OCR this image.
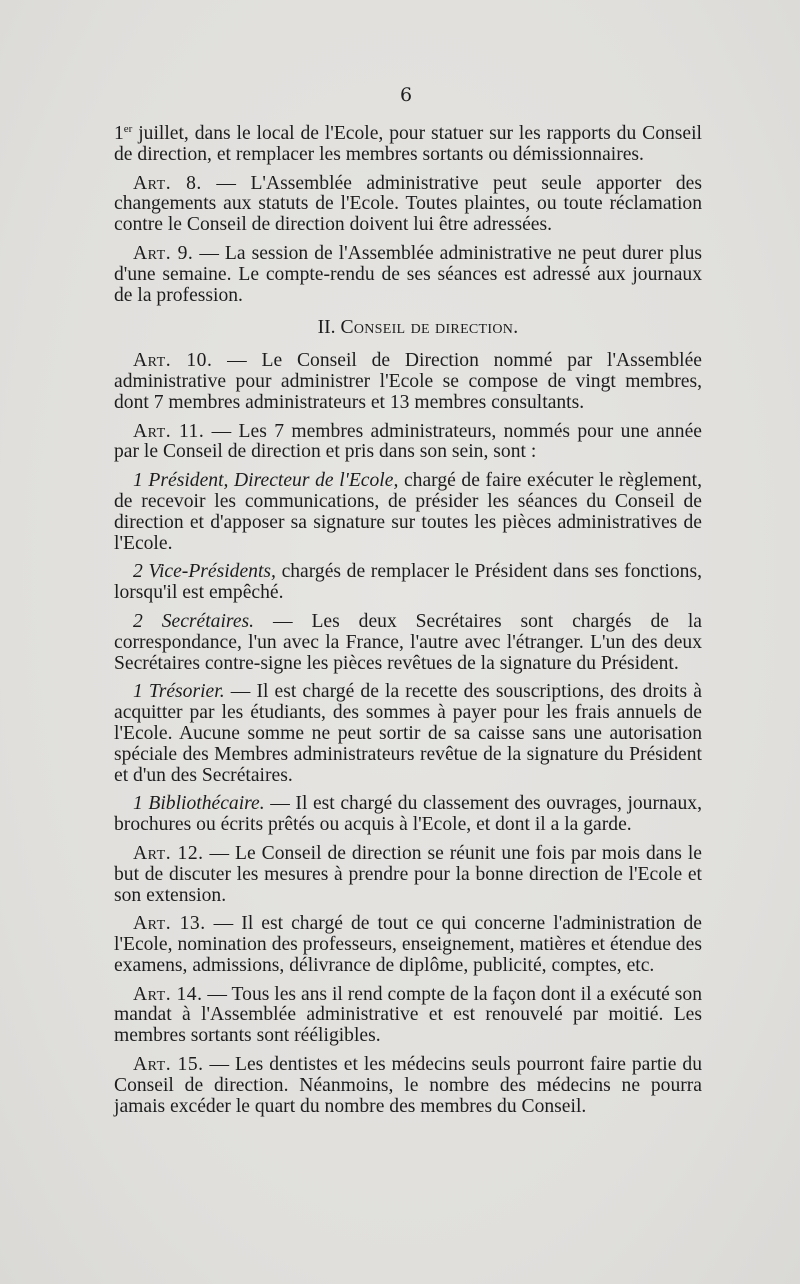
6

1er juillet, dans le local de l'Ecole, pour statuer sur les rapports du Conseil de direction, et remplacer les membres sortants ou démissionnaires.

Art. 8. — L'Assemblée administrative peut seule apporter des changements aux statuts de l'Ecole. Toutes plaintes, ou toute réclamation contre le Conseil de direction doivent lui être adressées.

Art. 9. — La session de l'Assemblée administrative ne peut durer plus d'une semaine. Le compte-rendu de ses séances est adressé aux journaux de la profession.

II. Conseil de direction.

Art. 10. — Le Conseil de Direction nommé par l'Assemblée administrative pour administrer l'Ecole se compose de vingt membres, dont 7 membres administrateurs et 13 membres consultants.

Art. 11. — Les 7 membres administrateurs, nommés pour une année par le Conseil de direction et pris dans son sein, sont :

1 Président, Directeur de l'Ecole, chargé de faire exécuter le règlement, de recevoir les communications, de présider les séances du Conseil de direction et d'apposer sa signature sur toutes les pièces administratives de l'Ecole.

2 Vice-Présidents, chargés de remplacer le Président dans ses fonctions, lorsqu'il est empêché.

2 Secrétaires. — Les deux Secrétaires sont chargés de la correspondance, l'un avec la France, l'autre avec l'étranger. L'un des deux Secrétaires contre-signe les pièces revêtues de la signature du Président.

1 Trésorier. — Il est chargé de la recette des souscriptions, des droits à acquitter par les étudiants, des sommes à payer pour les frais annuels de l'Ecole. Aucune somme ne peut sortir de sa caisse sans une autorisation spéciale des Membres administrateurs revêtue de la signature du Président et d'un des Secrétaires.

1 Bibliothécaire. — Il est chargé du classement des ouvrages, journaux, brochures ou écrits prêtés ou acquis à l'Ecole, et dont il a la garde.

Art. 12. — Le Conseil de direction se réunit une fois par mois dans le but de discuter les mesures à prendre pour la bonne direction de l'Ecole et son extension.

Art. 13. — Il est chargé de tout ce qui concerne l'administration de l'Ecole, nomination des professeurs, enseignement, matières et étendue des examens, admissions, délivrance de diplôme, publicité, comptes, etc.

Art. 14. — Tous les ans il rend compte de la façon dont il a exécuté son mandat à l'Assemblée administrative et est renouvelé par moitié. Les membres sortants sont rééligibles.

Art. 15. — Les dentistes et les médecins seuls pourront faire partie du Conseil de direction. Néanmoins, le nombre des médecins ne pourra jamais excéder le quart du nombre des membres du Conseil.
